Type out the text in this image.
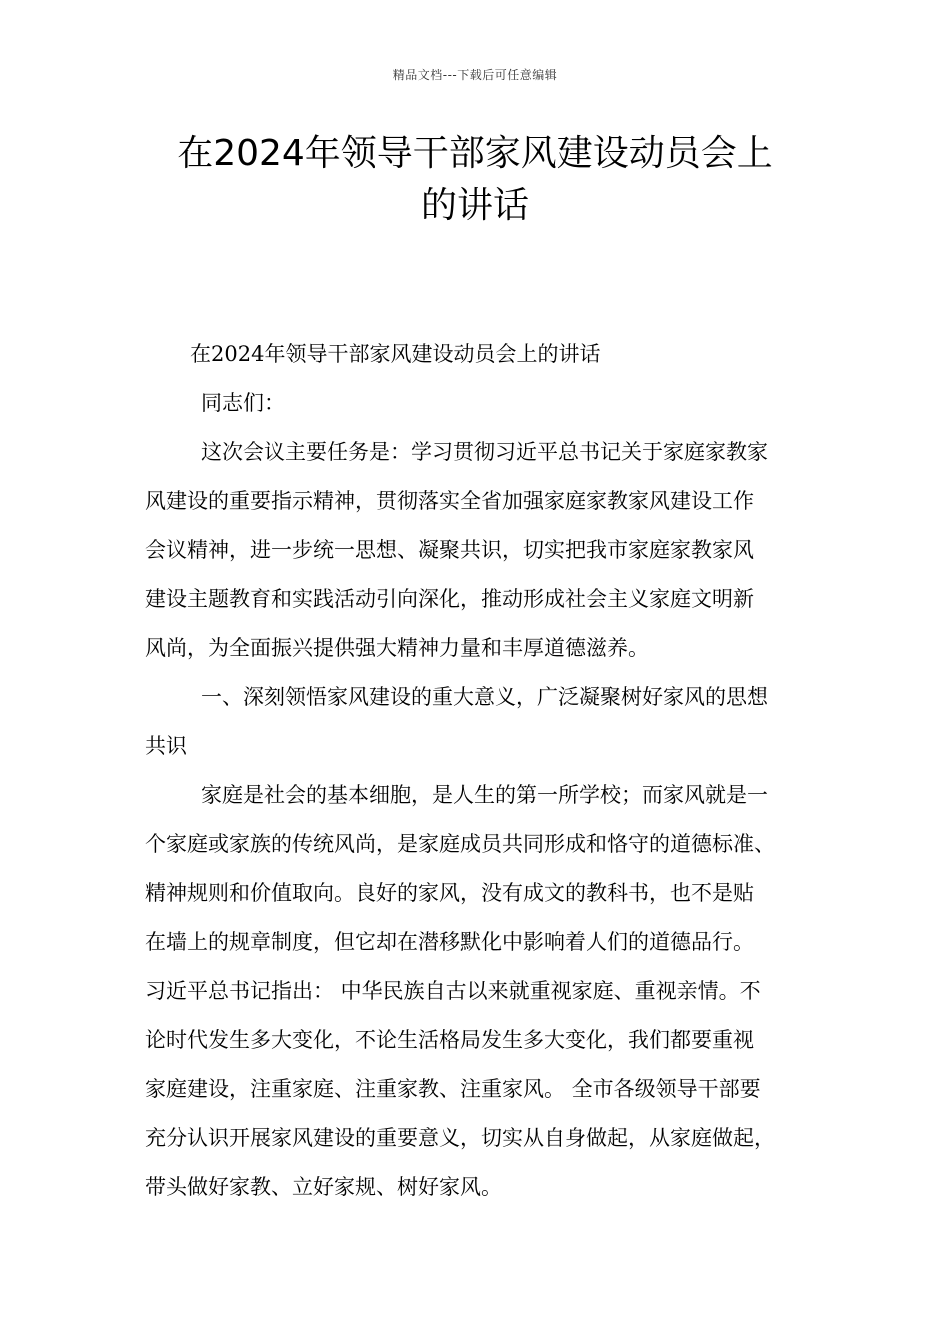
精品文档---下载后可任意编辑
在2024年领导干部家风建设动员会上
的讲话
在2024年领导干部家风建设动员会上的讲话
同志们：
这次会议主要任务是：学习贯彻习近平总书记关于家庭家教家
风建设的重要指示精神，贯彻落实全省加强家庭家教家风建设工作
会议精神，进一步统一思想、凝聚共识，切实把我市家庭家教家风
建设主题教育和实践活动引向深化，推动形成社会主义家庭文明新
风尚，为全面振兴提供强大精神力量和丰厚道德滋养。
一、深刻领悟家风建设的重大意义，广泛凝聚树好家风的思想
共识
家庭是社会的基本细胞，是人生的第一所学校；而家风就是一
个家庭或家族的传统风尚，是家庭成员共同形成和恪守的道德标准、
精神规则和价值取向。良好的家风，没有成文的教科书，也不是贴
在墙上的规章制度，但它却在潜移默化中影响着人们的道德品行。
习近平总书记指出： 中华民族自古以来就重视家庭、重视亲情。不
论时代发生多大变化，不论生活格局发生多大变化，我们都要重视
家庭建设，注重家庭、注重家教、注重家风。 全市各级领导干部要
充分认识开展家风建设的重要意义，切实从自身做起，从家庭做起，
带头做好家教、立好家规、树好家风。
